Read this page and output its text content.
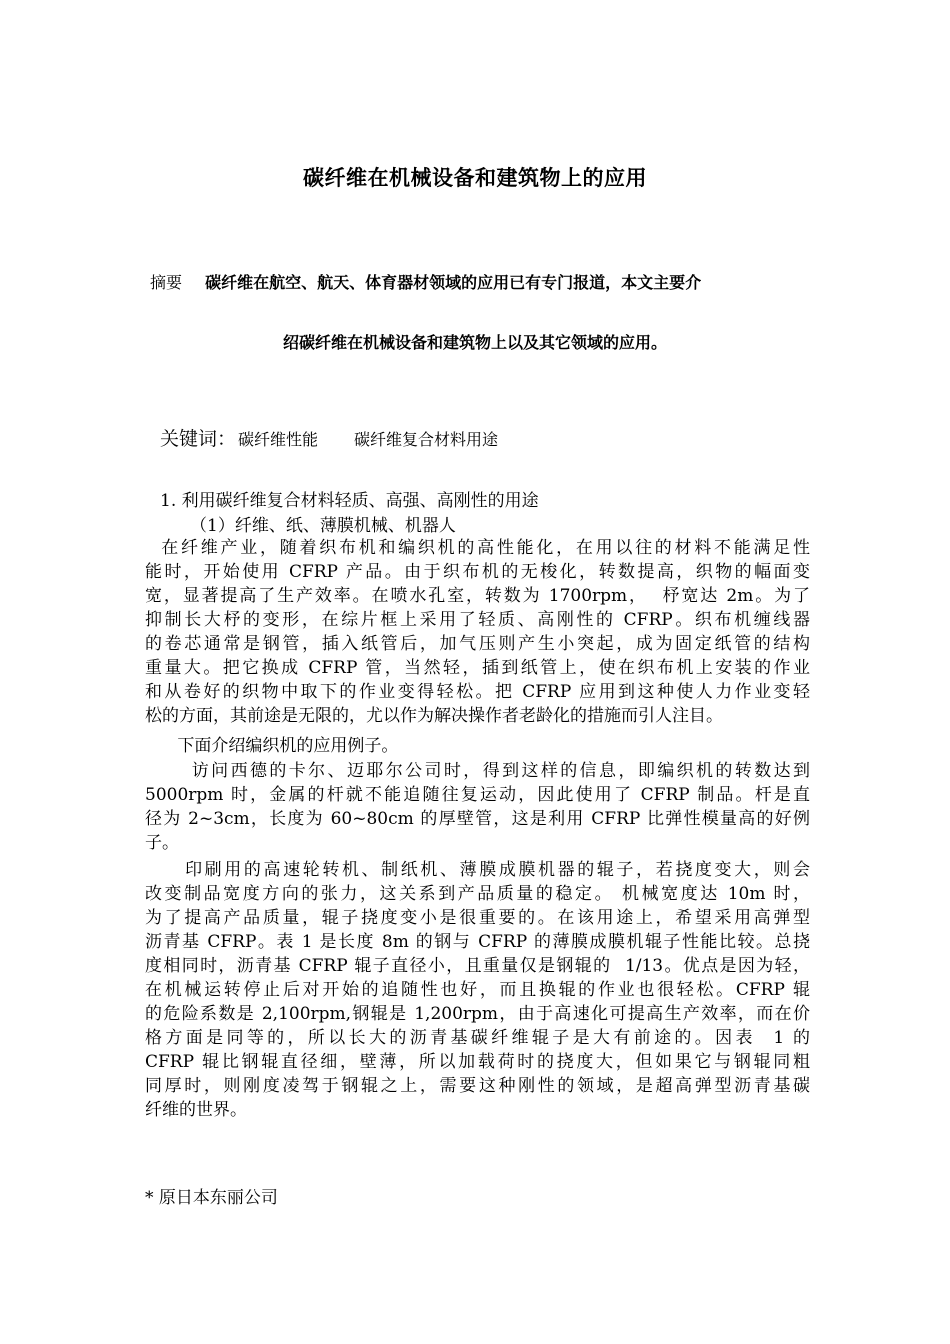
碳纤维在机械设备和建筑物上的应用
摘要 碳纤维在航空、航天、体育器材领域的应用已有专门报道，本文主要介
绍碳纤维在机械设备和建筑物上以及其它领域的应用。
关键词： 碳纤维性能 碳纤维复合材料用途
1. 利用碳纤维复合材料轻质、高强、高刚性的用途
（1）纤维、纸、薄膜机械、机器人
在纤维产业，随着织布机和编织机的高性能化，在用以往的材料不能满足性
能时，开始使用 CFRP 产品。由于织布机的无梭化，转数提高，织物的幅面变
宽，显著提高了生产效率。在喷水孔室，转数为 1700rpm，  杼宽达 2m。为了
抑制长大杼的变形，在综片框上采用了轻质、高刚性的 CFRP。织布机缠线器
的卷芯通常是钢管，插入纸管后，加气压则产生小突起，成为固定纸管的结构
重量大。把它换成 CFRP 管，当然轻，插到纸管上，使在织布机上安装的作业
和从卷好的织物中取下的作业变得轻松。把 CFRP 应用到这种使人力作业变轻
松的方面，其前途是无限的，尤以作为解决操作者老龄化的措施而引人注目。
下面介绍编织机的应用例子。
访问西德的卡尔、迈耶尔公司时，得到这样的信息，即编织机的转数达到
5000rpm 时，金属的杆就不能追随往复运动，因此使用了 CFRP 制品。杆是直
径为 2~3cm，长度为 60~80cm 的厚壁管，这是利用 CFRP 比弹性模量高的好例
子。
印刷用的高速轮转机、制纸机、薄膜成膜机器的辊子，若挠度变大，则会
改变制品宽度方向的张力，这关系到产品质量的稳定。 机械宽度达 10m 时，
为了提高产品质量，辊子挠度变小是很重要的。在该用途上，希望采用高弹型
沥青基 CFRP。表 1 是长度 8m 的钢与 CFRP 的薄膜成膜机辊子性能比较。总挠
度相同时，沥青基 CFRP 辊子直径小，且重量仅是钢辊的  1/13。优点是因为轻，
在机械运转停止后对开始的追随性也好，而且换辊的作业也很轻松。CFRP 辊
的危险系数是 2,100rpm,钢辊是 1,200rpm，由于高速化可提高生产效率，而在价
格方面是同等的，所以长大的沥青基碳纤维辊子是大有前途的。因表  1 的
CFRP 辊比钢辊直径细，壁薄，所以加载荷时的挠度大，但如果它与钢辊同粗
同厚时，则刚度凌驾于钢辊之上，需要这种刚性的领域，是超高弹型沥青基碳
纤维的世界。
* 原日本东丽公司
